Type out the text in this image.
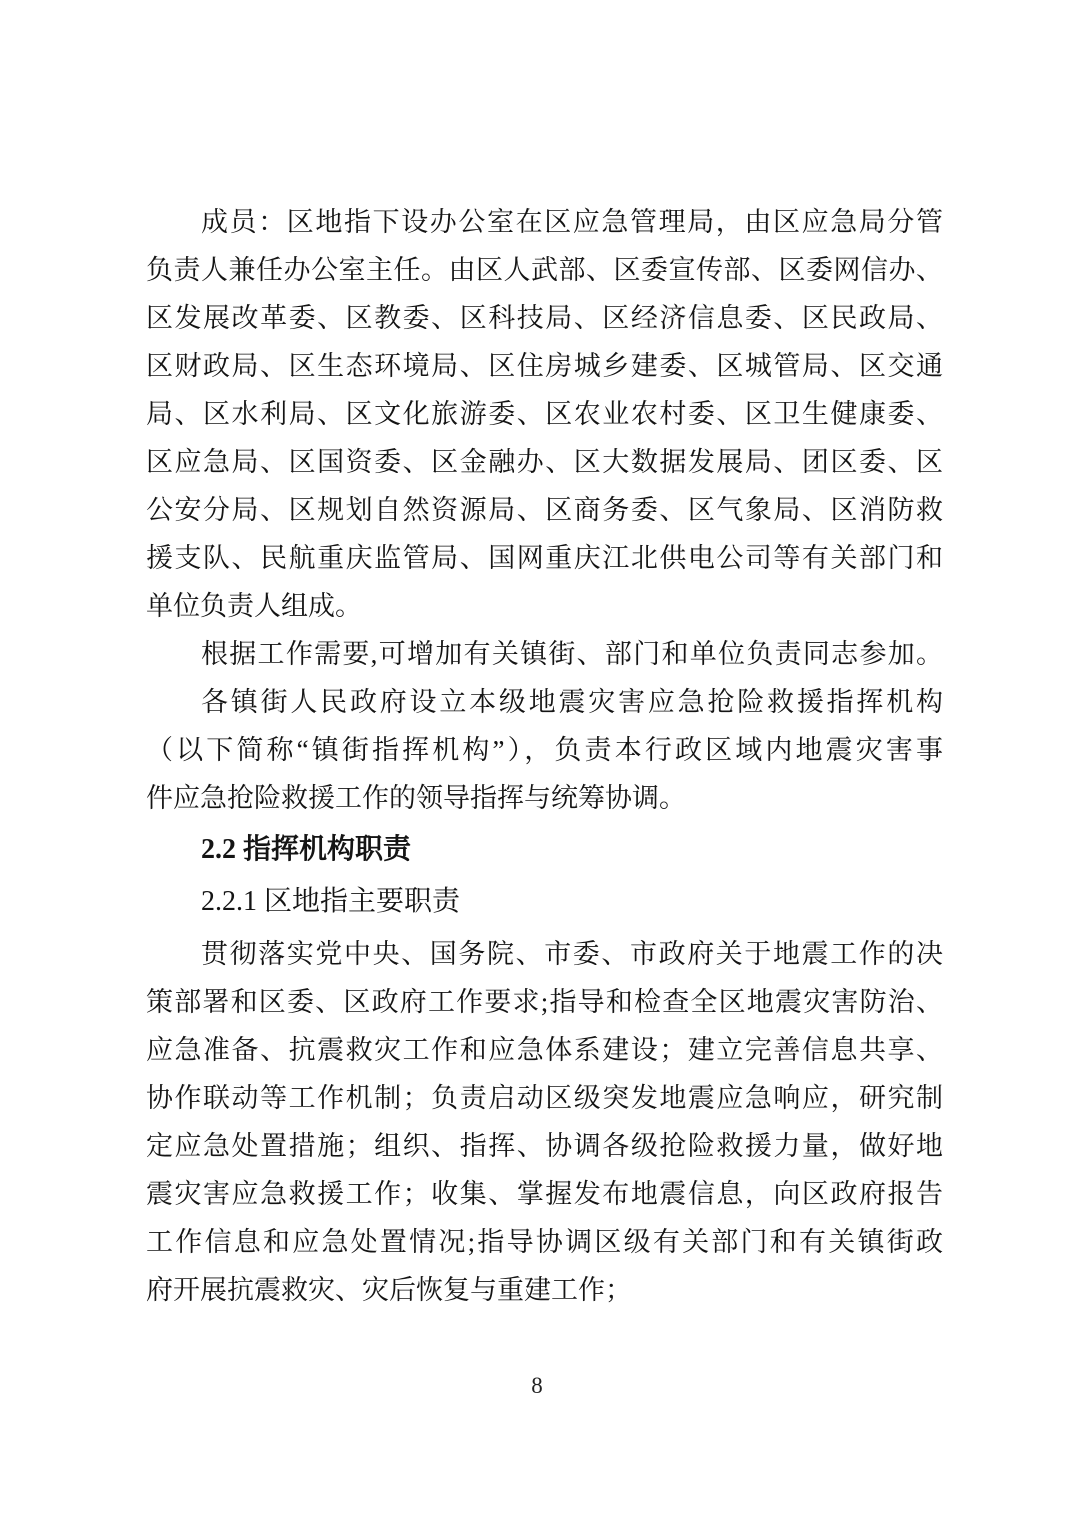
成员：区地指下设办公室在区应急管理局，由区应急局分管
负责人兼任办公室主任。由区人武部、区委宣传部、区委网信办、
区发展改革委、区教委、区科技局、区经济信息委、区民政局、
区财政局、区生态环境局、区住房城乡建委、区城管局、区交通
局、区水利局、区文化旅游委、区农业农村委、区卫生健康委、
区应急局、区国资委、区金融办、区大数据发展局、团区委、区
公安分局、区规划自然资源局、区商务委、区气象局、区消防救
援支队、民航重庆监管局、国网重庆江北供电公司等有关部门和
单位负责人组成。
根据工作需要,可增加有关镇街、部门和单位负责同志参加。
各镇街人民政府设立本级地震灾害应急抢险救援指挥机构
（以下简称“镇街指挥机构”），负责本行政区域内地震灾害事
件应急抢险救援工作的领导指挥与统筹协调。
2.2 指挥机构职责
2.2.1 区地指主要职责
贯彻落实党中央、国务院、市委、市政府关于地震工作的决
策部署和区委、区政府工作要求;指导和检查全区地震灾害防治、
应急准备、抗震救灾工作和应急体系建设；建立完善信息共享、
协作联动等工作机制；负责启动区级突发地震应急响应，研究制
定应急处置措施；组织、指挥、协调各级抢险救援力量，做好地
震灾害应急救援工作；收集、掌握发布地震信息，向区政府报告
工作信息和应急处置情况;指导协调区级有关部门和有关镇街政
府开展抗震救灾、灾后恢复与重建工作；
8
